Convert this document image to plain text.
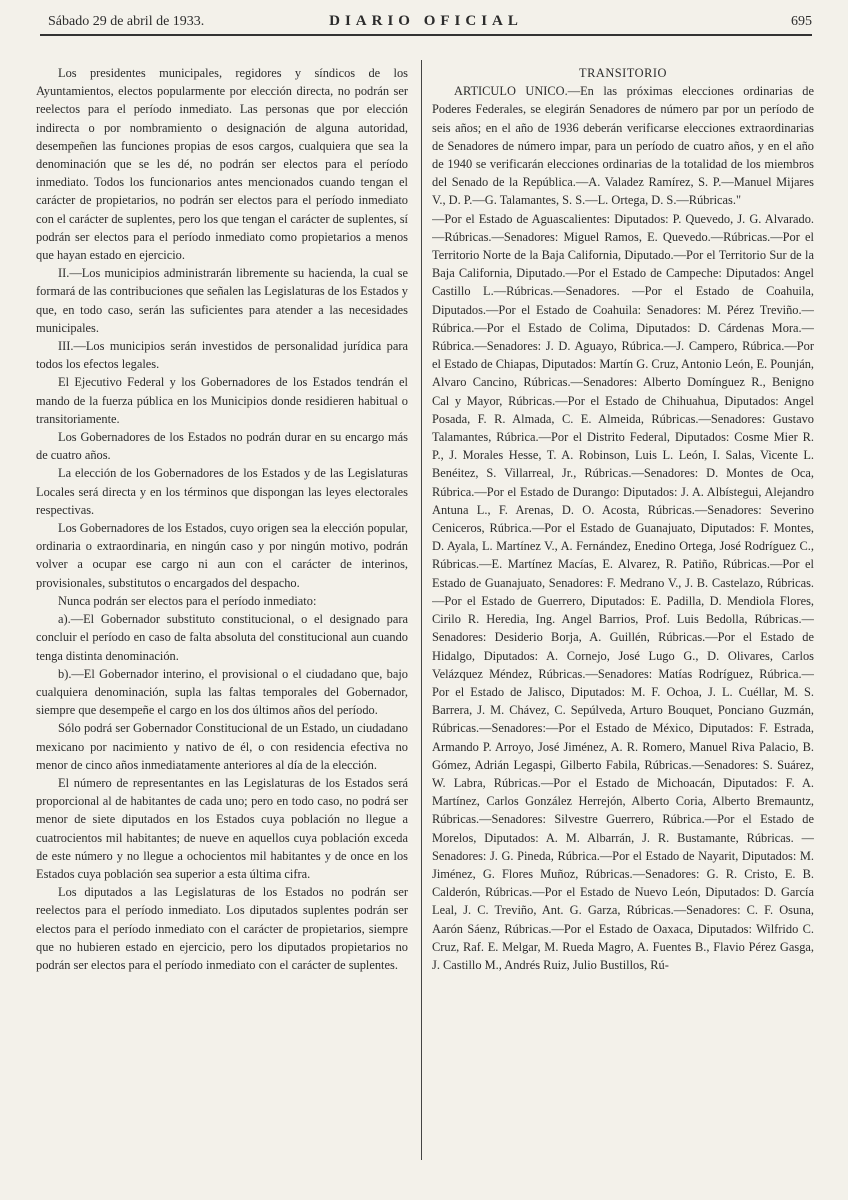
Sábado 29 de abril de 1933.	DIARIO OFICIAL	695

Los presidentes municipales, regidores y síndicos de los Ayuntamientos, electos popularmente por elección directa, no podrán ser reelectos para el período inmediato. Las personas que por elección indirecta o por nombramiento o designación de alguna autoridad, desempeñen las funciones propias de esos cargos, cualquiera que sea la denominación que se les dé, no podrán ser electos para el período inmediato. Todos los funcionarios antes mencionados cuando tengan el carácter de propietarios, no podrán ser electos para el período inmediato con el carácter de suplentes, pero los que tengan el carácter de suplentes, sí podrán ser electos para el período inmediato como propietarios a menos que hayan estado en ejercicio.

II.—Los municipios administrarán libremente su hacienda, la cual se formará de las contribuciones que señalen las Legislaturas de los Estados y que, en todo caso, serán las suficientes para atender a las necesidades municipales.

III.—Los municipios serán investidos de personalidad jurídica para todos los efectos legales.

El Ejecutivo Federal y los Gobernadores de los Estados tendrán el mando de la fuerza pública en los Municipios donde residieren habitual o transitoriamente.

Los Gobernadores de los Estados no podrán durar en su encargo más de cuatro años.

La elección de los Gobernadores de los Estados y de las Legislaturas Locales será directa y en los términos que dispongan las leyes electorales respectivas.

Los Gobernadores de los Estados, cuyo origen sea la elección popular, ordinaria o extraordinaria, en ningún caso y por ningún motivo, podrán volver a ocupar ese cargo ni aun con el carácter de interinos, provisionales, substitutos o encargados del despacho.

Nunca podrán ser electos para el período inmediato:

a).—El Gobernador substituto constitucional, o el designado para concluir el período en caso de falta absoluta del constitucional aun cuando tenga distinta denominación.

b).—El Gobernador interino, el provisional o el ciudadano que, bajo cualquiera denominación, supla las faltas temporales del Gobernador, siempre que desempeñe el cargo en los dos últimos años del período.

Sólo podrá ser Gobernador Constitucional de un Estado, un ciudadano mexicano por nacimiento y nativo de él, o con residencia efectiva no menor de cinco años inmediatamente anteriores al día de la elección.

El número de representantes en las Legislaturas de los Estados será proporcional al de habitantes de cada uno; pero en todo caso, no podrá ser menor de siete diputados en los Estados cuya población no llegue a cuatrocientos mil habitantes; de nueve en aquellos cuya población exceda de este número y no llegue a ochocientos mil habitantes y de once en los Estados cuya población sea superior a esta última cifra.

Los diputados a las Legislaturas de los Estados no podrán ser reelectos para el período inmediato. Los diputados suplentes podrán ser electos para el período inmediato con el carácter de propietarios, siempre que no hubieren estado en ejercicio, pero los diputados propietarios no podrán ser electos para el período inmediato con el carácter de suplentes.

TRANSITORIO

ARTICULO UNICO.—En las próximas elecciones ordinarias de Poderes Federales, se elegirán Senadores de número par por un período de seis años; en el año de 1936 deberán verificarse elecciones extraordinarias de Senadores de número impar, para un período de cuatro años, y en el año de 1940 se verificarán elecciones ordinarias de la totalidad de los miembros del Senado de la República.—A. Valadez Ramírez, S. P.—Manuel Mijares V., D. P.—G. Talamantes, S. S.—L. Ortega, D. S.—Rúbricas."

—Por el Estado de Aguascalientes: Diputados: P. Quevedo, J. G. Alvarado.—Rúbricas.—Senadores: Miguel Ramos, E. Quevedo.—Rúbricas.—Por el Territorio Norte de la Baja California, Diputado.—Por el Territorio Sur de la Baja California, Diputado.—Por el Estado de Campeche: Diputados: Angel Castillo L.—Rúbricas.—Senadores. —Por el Estado de Coahuila, Diputados.—Por el Estado de Coahuila: Senadores: M. Pérez Treviño.—Rúbrica.—Por el Estado de Colima, Diputados: D. Cárdenas Mora.—Rúbrica.—Senadores: J. D. Aguayo, Rúbrica.—J. Campero, Rúbrica.—Por el Estado de Chiapas, Diputados: Martín G. Cruz, Antonio León, E. Pounján, Alvaro Cancino, Rúbricas.—Senadores: Alberto Domínguez R., Benigno Cal y Mayor, Rúbricas.—Por el Estado de Chihuahua, Diputados: Angel Posada, F. R. Almada, C. E. Almeida, Rúbricas.—Senadores: Gustavo Talamantes, Rúbrica.—Por el Distrito Federal, Diputados: Cosme Mier R. P., J. Morales Hesse, T. A. Robinson, Luis L. León, I. Salas, Vicente L. Benéitez, S. Villarreal, Jr., Rúbricas.—Senadores: D. Montes de Oca, Rúbrica.—Por el Estado de Durango: Diputados: J. A. Albístegui, Alejandro Antuna L., F. Arenas, D. O. Acosta, Rúbricas.—Senadores: Severino Ceniceros, Rúbrica.—Por el Estado de Guanajuato, Diputados: F. Montes, D. Ayala, L. Martínez V., A. Fernández, Enedino Ortega, José Rodríguez C., Rúbricas.—E. Martínez Macías, E. Alvarez, R. Patiño, Rúbricas.—Por el Estado de Guanajuato, Senadores: F. Medrano V., J. B. Castelazo, Rúbricas.—Por el Estado de Guerrero, Diputados: E. Padilla, D. Mendiola Flores, Cirilo R. Heredia, Ing. Angel Barrios, Prof. Luis Bedolla, Rúbricas.—Senadores: Desiderio Borja, A. Guillén, Rúbricas.—Por el Estado de Hidalgo, Diputados: A. Cornejo, José Lugo G., D. Olivares, Carlos Velázquez Méndez, Rúbricas.—Senadores: Matías Rodríguez, Rúbrica.—Por el Estado de Jalisco, Diputados: M. F. Ochoa, J. L. Cuéllar, M. S. Barrera, J. M. Chávez, C. Sepúlveda, Arturo Bouquet, Ponciano Guzmán, Rúbricas.—Senadores:—Por el Estado de México, Diputados: F. Estrada, Armando P. Arroyo, José Jiménez, A. R. Romero, Manuel Riva Palacio, B. Gómez, Adrián Legaspi, Gilberto Fabila, Rúbricas.—Senadores: S. Suárez, W. Labra, Rúbricas.—Por el Estado de Michoacán, Diputados: F. A. Martínez, Carlos González Herrejón, Alberto Coria, Alberto Bremauntz, Rúbricas.—Senadores: Silvestre Guerrero, Rúbrica.—Por el Estado de Morelos, Diputados: A. M. Albarrán, J. R. Bustamante, Rúbricas. —Senadores: J. G. Pineda, Rúbrica.—Por el Estado de Nayarit, Diputados: M. Jiménez, G. Flores Muñoz, Rúbricas.—Senadores: G. R. Cristo, E. B. Calderón, Rúbricas.—Por el Estado de Nuevo León, Diputados: D. García Leal, J. C. Treviño, Ant. G. Garza, Rúbricas.—Senadores: C. F. Osuna, Aarón Sáenz, Rúbricas.—Por el Estado de Oaxaca, Diputados: Wilfrido C. Cruz, Raf. E. Melgar, M. Rueda Magro, A. Fuentes B., Flavio Pérez Gasga, J. Castillo M., Andrés Ruiz, Julio Bustillos, Rú-
